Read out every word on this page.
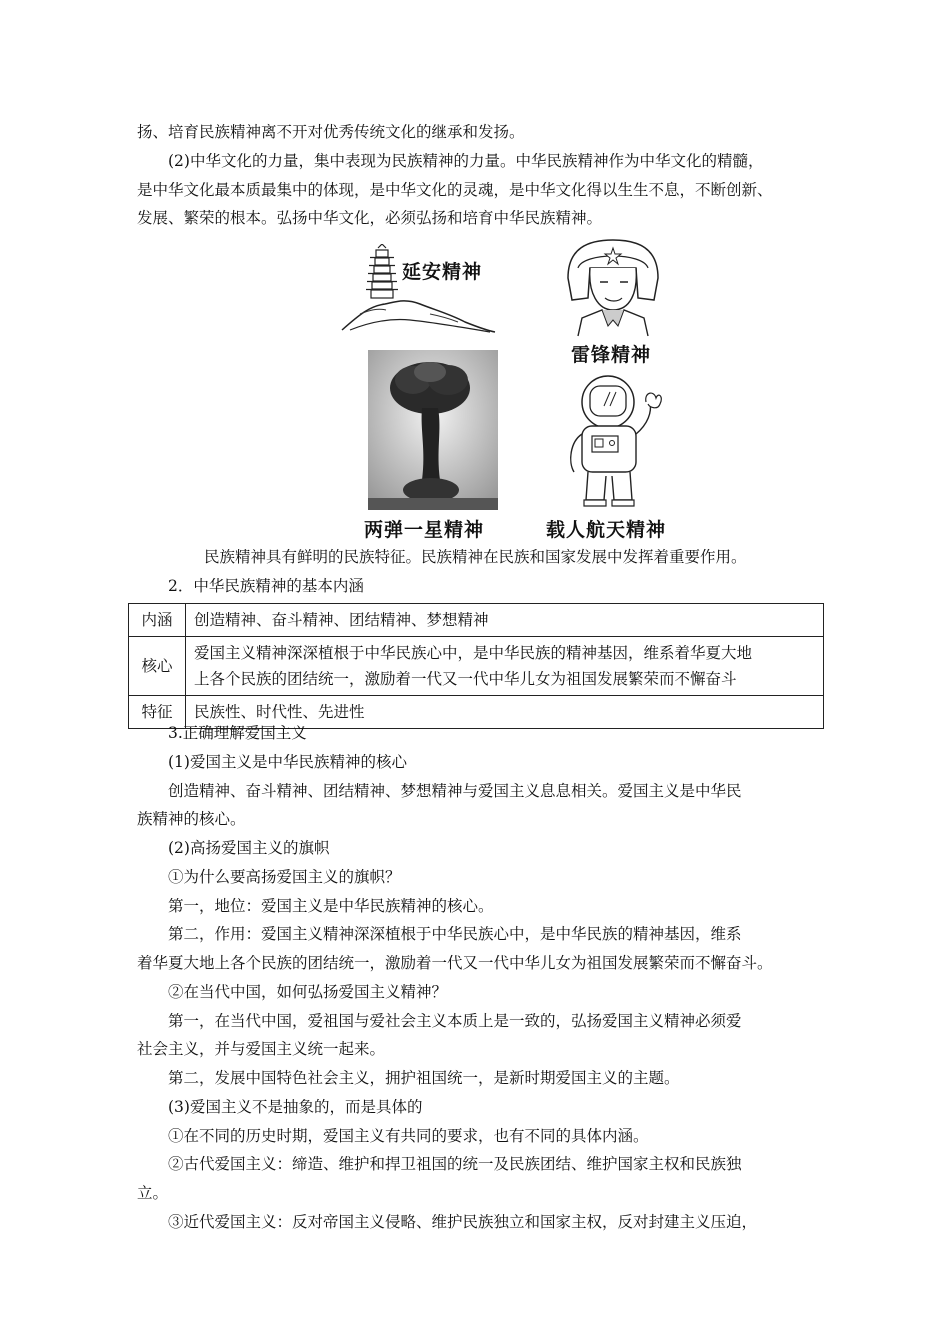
扬、培育民族精神离不开对优秀传统文化的继承和发扬。
(2)中华文化的力量，集中表现为民族精神的力量。中华民族精神作为中华文化的精髓，
是中华文化最本质最集中的体现，是中华文化的灵魂，是中华文化得以生生不息，不断创新、
发展、繁荣的根本。弘扬中华文化，必须弘扬和培育中华民族精神。
延安精神
雷锋精神
两弹一星精神	载人航天精神
民族精神具有鲜明的民族特征。民族精神在民族和国家发展中发挥着重要作用。
2．中华民族精神的基本内涵
内涵	创造精神、奋斗精神、团结精神、梦想精神
核心	爱国主义精神深深植根于中华民族心中，是中华民族的精神基因，维系着华夏大地
上各个民族的团结统一，激励着一代又一代中华儿女为祖国发展繁荣而不懈奋斗

特征	民族性、时代性、先进性
3.正确理解爱国主义
(1)爱国主义是中华民族精神的核心
创造精神、奋斗精神、团结精神、梦想精神与爱国主义息息相关。爱国主义是中华民
族精神的核心。
(2)高扬爱国主义的旗帜
①为什么要高扬爱国主义的旗帜？
第一，地位：爱国主义是中华民族精神的核心。
第二，作用：爱国主义精神深深植根于中华民族心中，是中华民族的精神基因，维系
着华夏大地上各个民族的团结统一，激励着一代又一代中华儿女为祖国发展繁荣而不懈奋斗。
②在当代中国，如何弘扬爱国主义精神？
第一，在当代中国，爱祖国与爱社会主义本质上是一致的，弘扬爱国主义精神必须爱
社会主义，并与爱国主义统一起来。
第二，发展中国特色社会主义，拥护祖国统一，是新时期爱国主义的主题。
(3)爱国主义不是抽象的，而是具体的
①在不同的历史时期，爱国主义有共同的要求，也有不同的具体内涵。
②古代爱国主义：缔造、维护和捍卫祖国的统一及民族团结、维护国家主权和民族独
立。
③近代爱国主义：反对帝国主义侵略、维护民族独立和国家主权，反对封建主义压迫，
